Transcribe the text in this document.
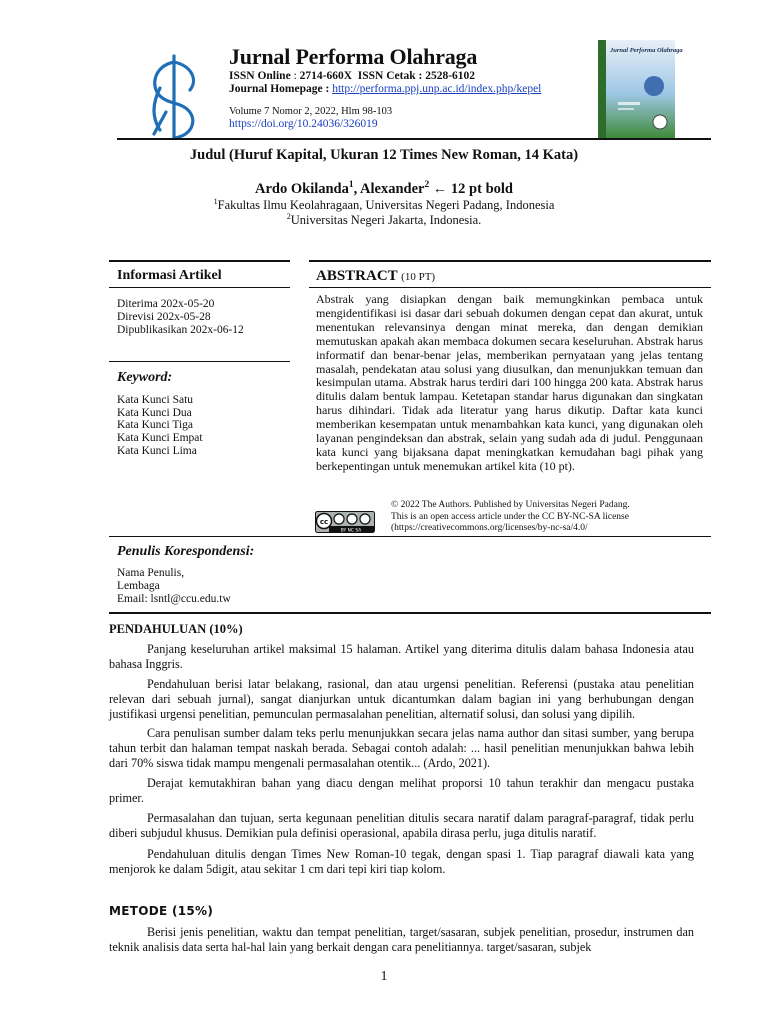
Jurnal Performa Olahraga
ISSN Online : 2714-660X ISSN Cetak : 2528-6102
Journal Homepage : http://performa.ppj.unp.ac.id/index.php/kepel
Volume 7 Nomor 2, 2022, Hlm 98-103
https://doi.org/10.24036/326019
Jurnal Performa Olahraga
Judul (Huruf Kapital, Ukuran 12 Times New Roman, 14 Kata)
Ardo Okilanda$^1$, Alexander$^2$ ← 12 pt bold
$^1$Fakultas Ilmu Keolahragaan, Universitas Negeri Padang, Indonesia
$^2$Universitas Negeri Jakarta, Indonesia.
Informasi Artikel
Diterima 202x-05-20
Direvisi 202x-05-28
Dipublikasikan 202x-06-12
Keyword:
Kata Kunci Satu
Kata Kunci Dua
Kata Kunci Tiga
Kata Kunci Empat
Kata Kunci Lima
ABSTRACT (10 PT)
Abstrak yang disiapkan dengan baik memungkinkan pembaca untuk mengidentifikasi isi dasar dari sebuah dokumen dengan cepat dan akurat, untuk menentukan relevansinya dengan minat mereka, dan dengan demikian memutuskan apakah akan membaca dokumen secara keseluruhan. Abstrak harus informatif dan benar-benar jelas, memberikan pernyataan yang jelas tentang masalah, pendekatan atau solusi yang diusulkan, dan menunjukkan temuan dan kesimpulan utama. Abstrak harus terdiri dari 100 hingga 200 kata. Abstrak harus ditulis dalam bentuk lampau. Ketetapan standar harus digunakan dan singkatan harus dihindari. Tidak ada literatur yang harus dikutip. Daftar kata kunci memberikan kesempatan untuk menambahkan kata kunci, yang digunakan oleh layanan pengindeksan dan abstrak, selain yang sudah ada di judul. Penggunaan kata kunci yang bijaksana dapat meningkatkan kemudahan bagi pihak yang berkepentingan untuk menemukan artikel kita (10 pt).
cc
BY NC SA
© 2022 The Authors. Published by Universitas Negeri Padang.
This is an open access article under the CC BY-NC-SA license
(https://creativecommons.org/licenses/by-nc-sa/4.0/
Penulis Korespondensi:
Nama Penulis,
Lembaga
Email: lsntl@ccu.edu.tw
PENDAHULUAN (10%)
Panjang keseluruhan artikel maksimal 15 halaman. Artikel yang diterima ditulis dalam bahasa Indonesia atau bahasa Inggris.
Pendahuluan berisi latar belakang, rasional, dan atau urgensi penelitian. Referensi (pustaka atau penelitian relevan dari sebuah jurnal), sangat dianjurkan untuk dicantumkan dalam bagian ini yang berhubungan dengan justifikasi urgensi penelitian, pemunculan permasalahan penelitian, alternatif solusi, dan solusi yang dipilih.
Cara penulisan sumber dalam teks perlu menunjukkan secara jelas nama author dan sitasi sumber, yang berupa tahun terbit dan halaman tempat naskah berada. Sebagai contoh adalah: ... hasil penelitian menunjukkan bahwa lebih dari 70% siswa tidak mampu mengenali permasalahan otentik... (Ardo, 2021).
Derajat kemutakhiran bahan yang diacu dengan melihat proporsi 10 tahun terakhir dan mengacu pustaka primer.
Permasalahan dan tujuan, serta kegunaan penelitian ditulis secara naratif dalam paragraf-paragraf, tidak perlu diberi subjudul khusus. Demikian pula definisi operasional, apabila dirasa perlu, juga ditulis naratif.
Pendahuluan ditulis dengan Times New Roman-10 tegak, dengan spasi 1. Tiap paragraf diawali kata yang menjorok ke dalam 5digit, atau sekitar 1 cm dari tepi kiri tiap kolom.
METODE (15%)
Berisi jenis penelitian, waktu dan tempat penelitian, target/sasaran, subjek penelitian, prosedur, instrumen dan teknik analisis data serta hal-hal lain yang berkait dengan cara penelitiannya. target/sasaran, subjek
1
